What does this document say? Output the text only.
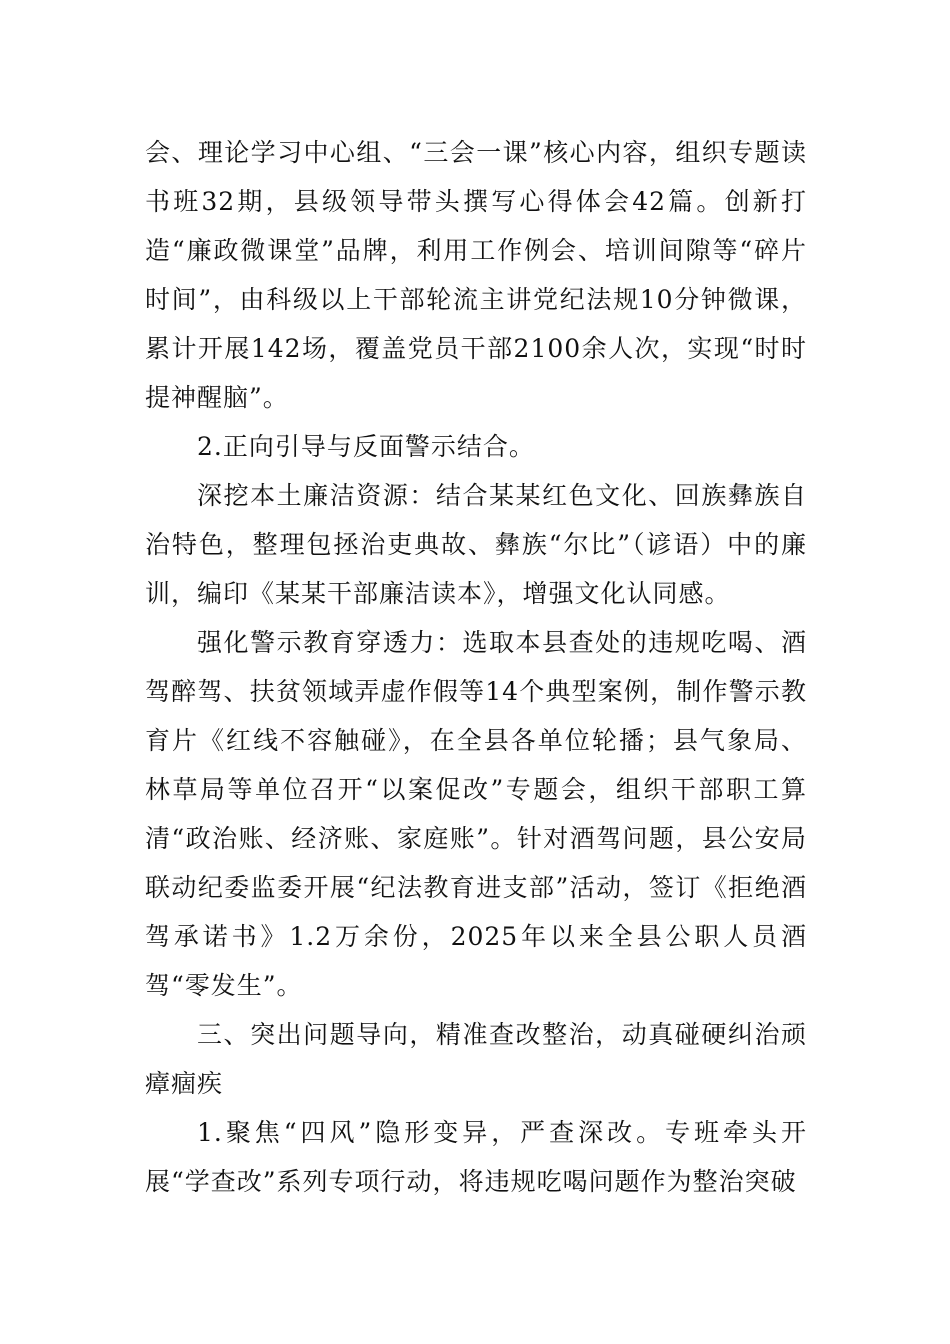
会、理论学习中心组、“三会一课”核心内容，组织专题读书班32期，县级领导带头撰写心得体会42篇。创新打造“廉政微课堂”品牌，利用工作例会、培训间隙等“碎片时间”，由科级以上干部轮流主讲党纪法规10分钟微课，累计开展142场，覆盖党员干部2100余人次，实现“时时提神醒脑”。

2.正向引导与反面警示结合。

深挖本土廉洁资源：结合某某红色文化、回族彝族自治特色，整理包拯治吏典故、彝族“尔比”（谚语）中的廉训，编印《某某干部廉洁读本》，增强文化认同感。

强化警示教育穿透力：选取本县查处的违规吃喝、酒驾醉驾、扶贫领域弄虚作假等14个典型案例，制作警示教育片《红线不容触碰》，在全县各单位轮播；县气象局、林草局等单位召开“以案促改”专题会，组织干部职工算清“政治账、经济账、家庭账”。针对酒驾问题，县公安局联动纪委监委开展“纪法教育进支部”活动，签订《拒绝酒驾承诺书》1.2万余份，2025年以来全县公职人员酒驾“零发生”。

三、突出问题导向，精准查改整治，动真碰硬纠治顽瘴痼疾

1.聚焦“四风”隐形变异，严查深改。专班牵头开展“学查改”系列专项行动，将违规吃喝问题作为整治突破
